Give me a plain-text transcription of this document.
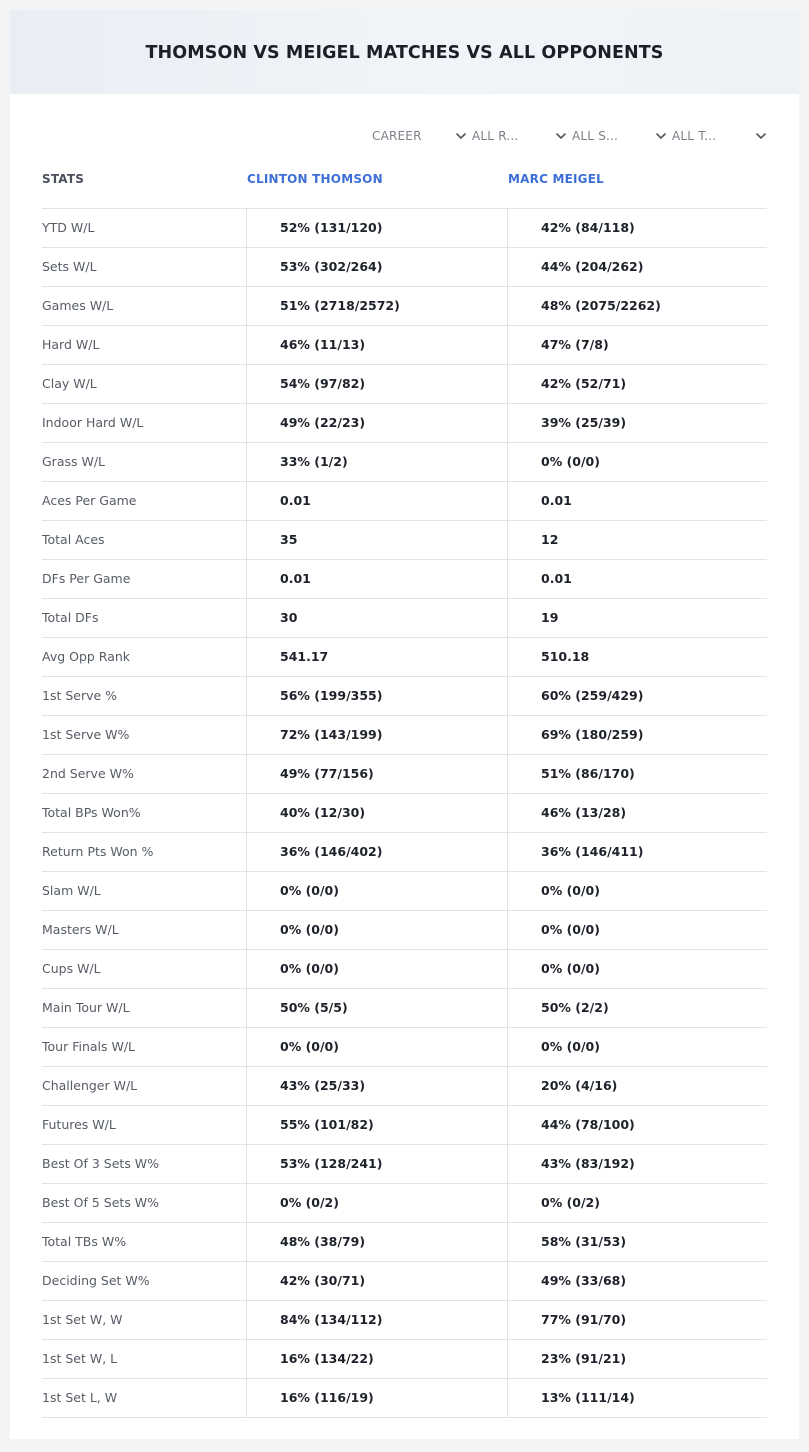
THOMSON VS MEIGEL MATCHES VS ALL OPPONENTS
CAREER	ALL R...	ALL S...	ALL T...
STATS	CLINTON THOMSON	MARC MEIGEL
YTD W/L	52% (131/120)	42% (84/118)
Sets W/L	53% (302/264)	44% (204/262)
Games W/L	51% (2718/2572)	48% (2075/2262)
Hard W/L	46% (11/13)	47% (7/8)
Clay W/L	54% (97/82)	42% (52/71)
Indoor Hard W/L	49% (22/23)	39% (25/39)
Grass W/L	33% (1/2)	0% (0/0)
Aces Per Game	0.01	0.01
Total Aces	35	12
DFs Per Game	0.01	0.01
Total DFs	30	19
Avg Opp Rank	541.17	510.18
1st Serve %	56% (199/355)	60% (259/429)
1st Serve W%	72% (143/199)	69% (180/259)
2nd Serve W%	49% (77/156)	51% (86/170)
Total BPs Won%	40% (12/30)	46% (13/28)
Return Pts Won %	36% (146/402)	36% (146/411)
Slam W/L	0% (0/0)	0% (0/0)
Masters W/L	0% (0/0)	0% (0/0)
Cups W/L	0% (0/0)	0% (0/0)
Main Tour W/L	50% (5/5)	50% (2/2)
Tour Finals W/L	0% (0/0)	0% (0/0)
Challenger W/L	43% (25/33)	20% (4/16)
Futures W/L	55% (101/82)	44% (78/100)
Best Of 3 Sets W%	53% (128/241)	43% (83/192)
Best Of 5 Sets W%	0% (0/2)	0% (0/2)
Total TBs W%	48% (38/79)	58% (31/53)
Deciding Set W%	42% (30/71)	49% (33/68)
1st Set W, W	84% (134/112)	77% (91/70)
1st Set W, L	16% (134/22)	23% (91/21)
1st Set L, W	16% (116/19)	13% (111/14)
